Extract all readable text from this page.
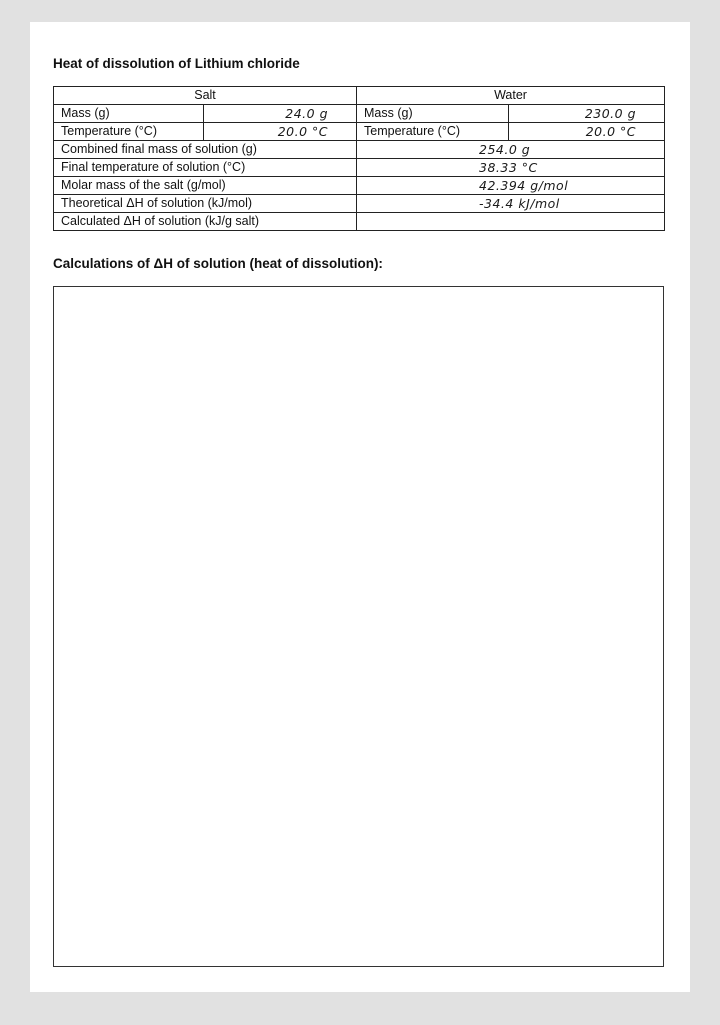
Heat of dissolution of Lithium chloride
Salt		Water	
Mass (g)	24.0 g	Mass (g)	230.0 g
Temperature (°C)	20.0 °C	Temperature (°C)	20.0 °C
Combined final mass of solution (g)		254.0 g	
Final temperature of solution (°C)		38.33 °C	
Molar mass of the salt (g/mol)		42.394 g/mol	
Theoretical ΔH of solution (kJ/mol)		-34.4 kJ/mol	
Calculated ΔH of solution (kJ/g salt)			
Calculations of ΔH of solution (heat of dissolution):
